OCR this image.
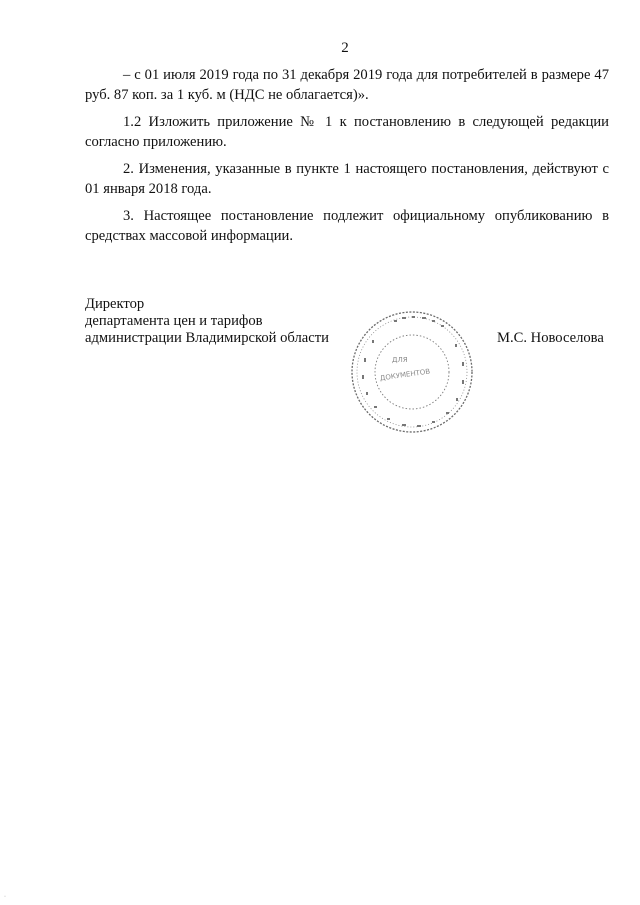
2

– с 01 июля 2019 года по 31 декабря 2019 года для потребителей в размере 47 руб. 87 коп. за 1 куб. м (НДС не облагается)».

1.2 Изложить приложение № 1 к постановлению в следующей редакции согласно приложению.

2. Изменения, указанные в пункте 1 настоящего постановления, действуют с 01 января 2018 года.

3. Настоящее постановление подлежит официальному опубликованию в средствах массовой информации.

Директор
департамента цен и тарифов
администрации Владимирской области
ДЛЯ
ДОКУМЕНТОВ
М.С. Новоселова
·
